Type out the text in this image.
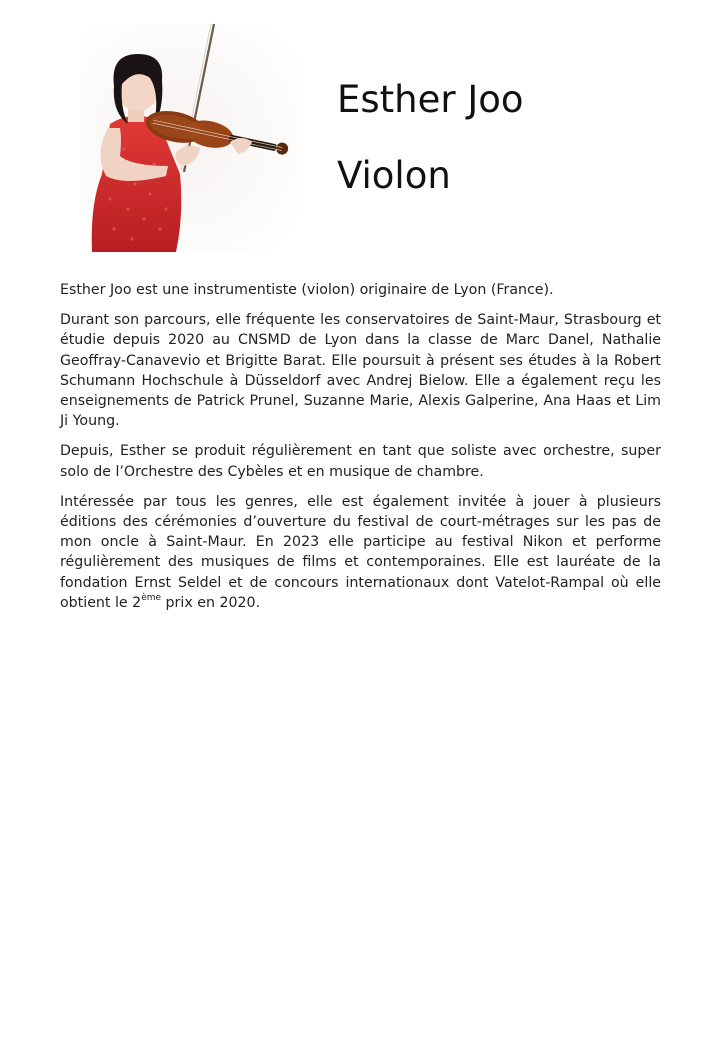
Esther Joo
Violon

Esther Joo est une instrumentiste (violon) originaire de Lyon (France).

Durant son parcours, elle fréquente les conservatoires de Saint-Maur, Strasbourg et étudie depuis 2020 au CNSMD de Lyon dans la classe de Marc Danel, Nathalie Geoffray-Canavevio et Brigitte Barat. Elle poursuit à présent ses études à la Robert Schumann Hochschule à Düsseldorf avec Andrej Bielow. Elle a également reçu les enseignements de Patrick Prunel, Suzanne Marie, Alexis Galperine, Ana Haas et Lim Ji Young.

Depuis, Esther se produit régulièrement en tant que soliste avec orchestre, super solo de l’Orchestre des Cybèles et en musique de chambre.

Intéressée par tous les genres, elle est également invitée à jouer à plusieurs éditions des cérémonies d’ouverture du festival de court-métrages sur les pas de mon oncle à Saint-Maur. En 2023 elle participe au festival Nikon et performe régulièrement des musiques de films et contemporaines. Elle est lauréate de la fondation Ernst Seldel et de concours internationaux dont Vatelot-Rampal où elle obtient le 2ème prix en 2020.
